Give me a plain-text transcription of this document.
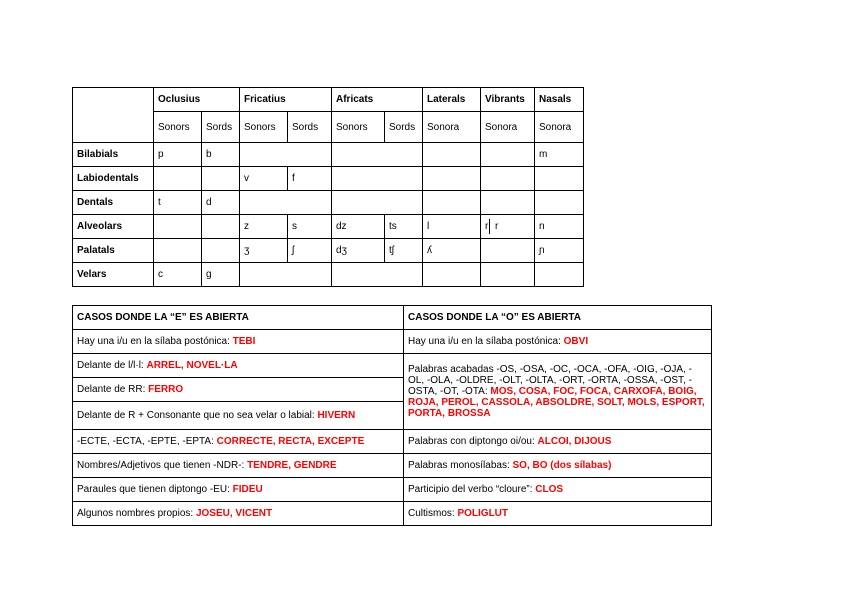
	Oclusius		Fricatius		Africats		Laterals	Vibrants	Nasals
	Sonors	Sords	Sonors	Sords	Sonors	Sords	Sonora	Sonora	Sonora
Bilabials	p	b							m
Labiodentals			v	f					
Dentals	t	d							
Alveolars			z	s	dz	ts	l	r r	n
Palatals			ʒ	ʃ	dʒ	tʃ	ʎ		ɲ
Velars	c	g							
CASOS DONDE LA “E” ES ABIERTA	CASOS DONDE LA “O” ES ABIERTA
Hay una i/u en la sílaba postónica: TEBI	Hay una i/u en la sílaba postónica: OBVI
Delante de l/l·l: ARREL, NOVEL·LA	Palabras acabadas -OS, -OSA, -OC, -OCA, -OFA, -OIG, -OJA, -OL, -OLA, -OLDRE, -OLT, -OLTA, -ORT, -ORTA, -OSSA, -OST, -OSTA, -OT, -OTA: MOS, COSA, FOC, FOCA, CARXOFA, BOIG, ROJA, PEROL, CASSOLA, ABSOLDRE, SOLT, MOLS, ESPORT, PORTA, BROSSA
Delante de RR: FERRO	
Delante de R + Consonante que no sea velar o labial: HIVERN	
-ECTE, -ECTA, -EPTE, -EPTA: CORRECTE, RECTA, EXCEPTE	Palabras con diptongo oi/ou: ALCOI, DIJOUS
Nombres/Adjetivos que tienen -NDR-: TENDRE, GENDRE	Palabras monosílabas: SO, BO (dos sílabas)
Paraules que tienen diptongo -EU: FIDEU	Participio del verbo “cloure”: CLOS
Algunos nombres propios: JOSEU, VICENT	Cultismos: POLIGLUT
